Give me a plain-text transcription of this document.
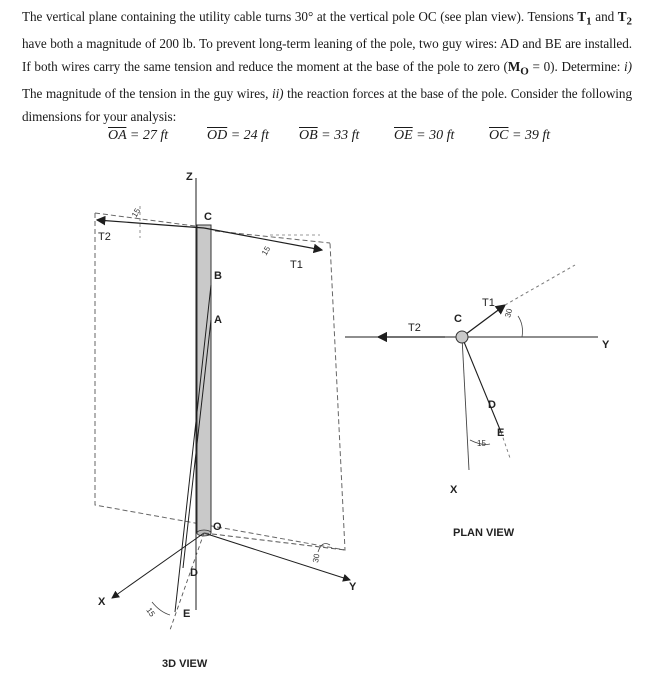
The vertical plane containing the utility cable turns 30° at the vertical pole OC (see plan view). Tensions $T_1$ and $T_2$ have both a magnitude of 200 lb. To prevent long-term leaning of the pole, two guy wires: AD and BE are installed. If both wires carry the same tension and reduce the moment at the base of the pole to zero $(M_O = 0)$. Determine: i) The magnitude of the tension in the guy wires, ii) the reaction forces at the base of the pole. Consider the following dimensions for your analysis:

$\overline{OA} = 27$ ft	$\overline{OD} = 24$ ft $\overline{OB} = 33$ ft $\overline{OE} = 30$ ft $\overline{OC} = 39$ ft
Z
C
B
A
O
D
E
X
Y
T2
T1
15
15
30
15
3D VIEW
C
T1
T2
Y
D
E
X
30
15
PLAN VIEW
